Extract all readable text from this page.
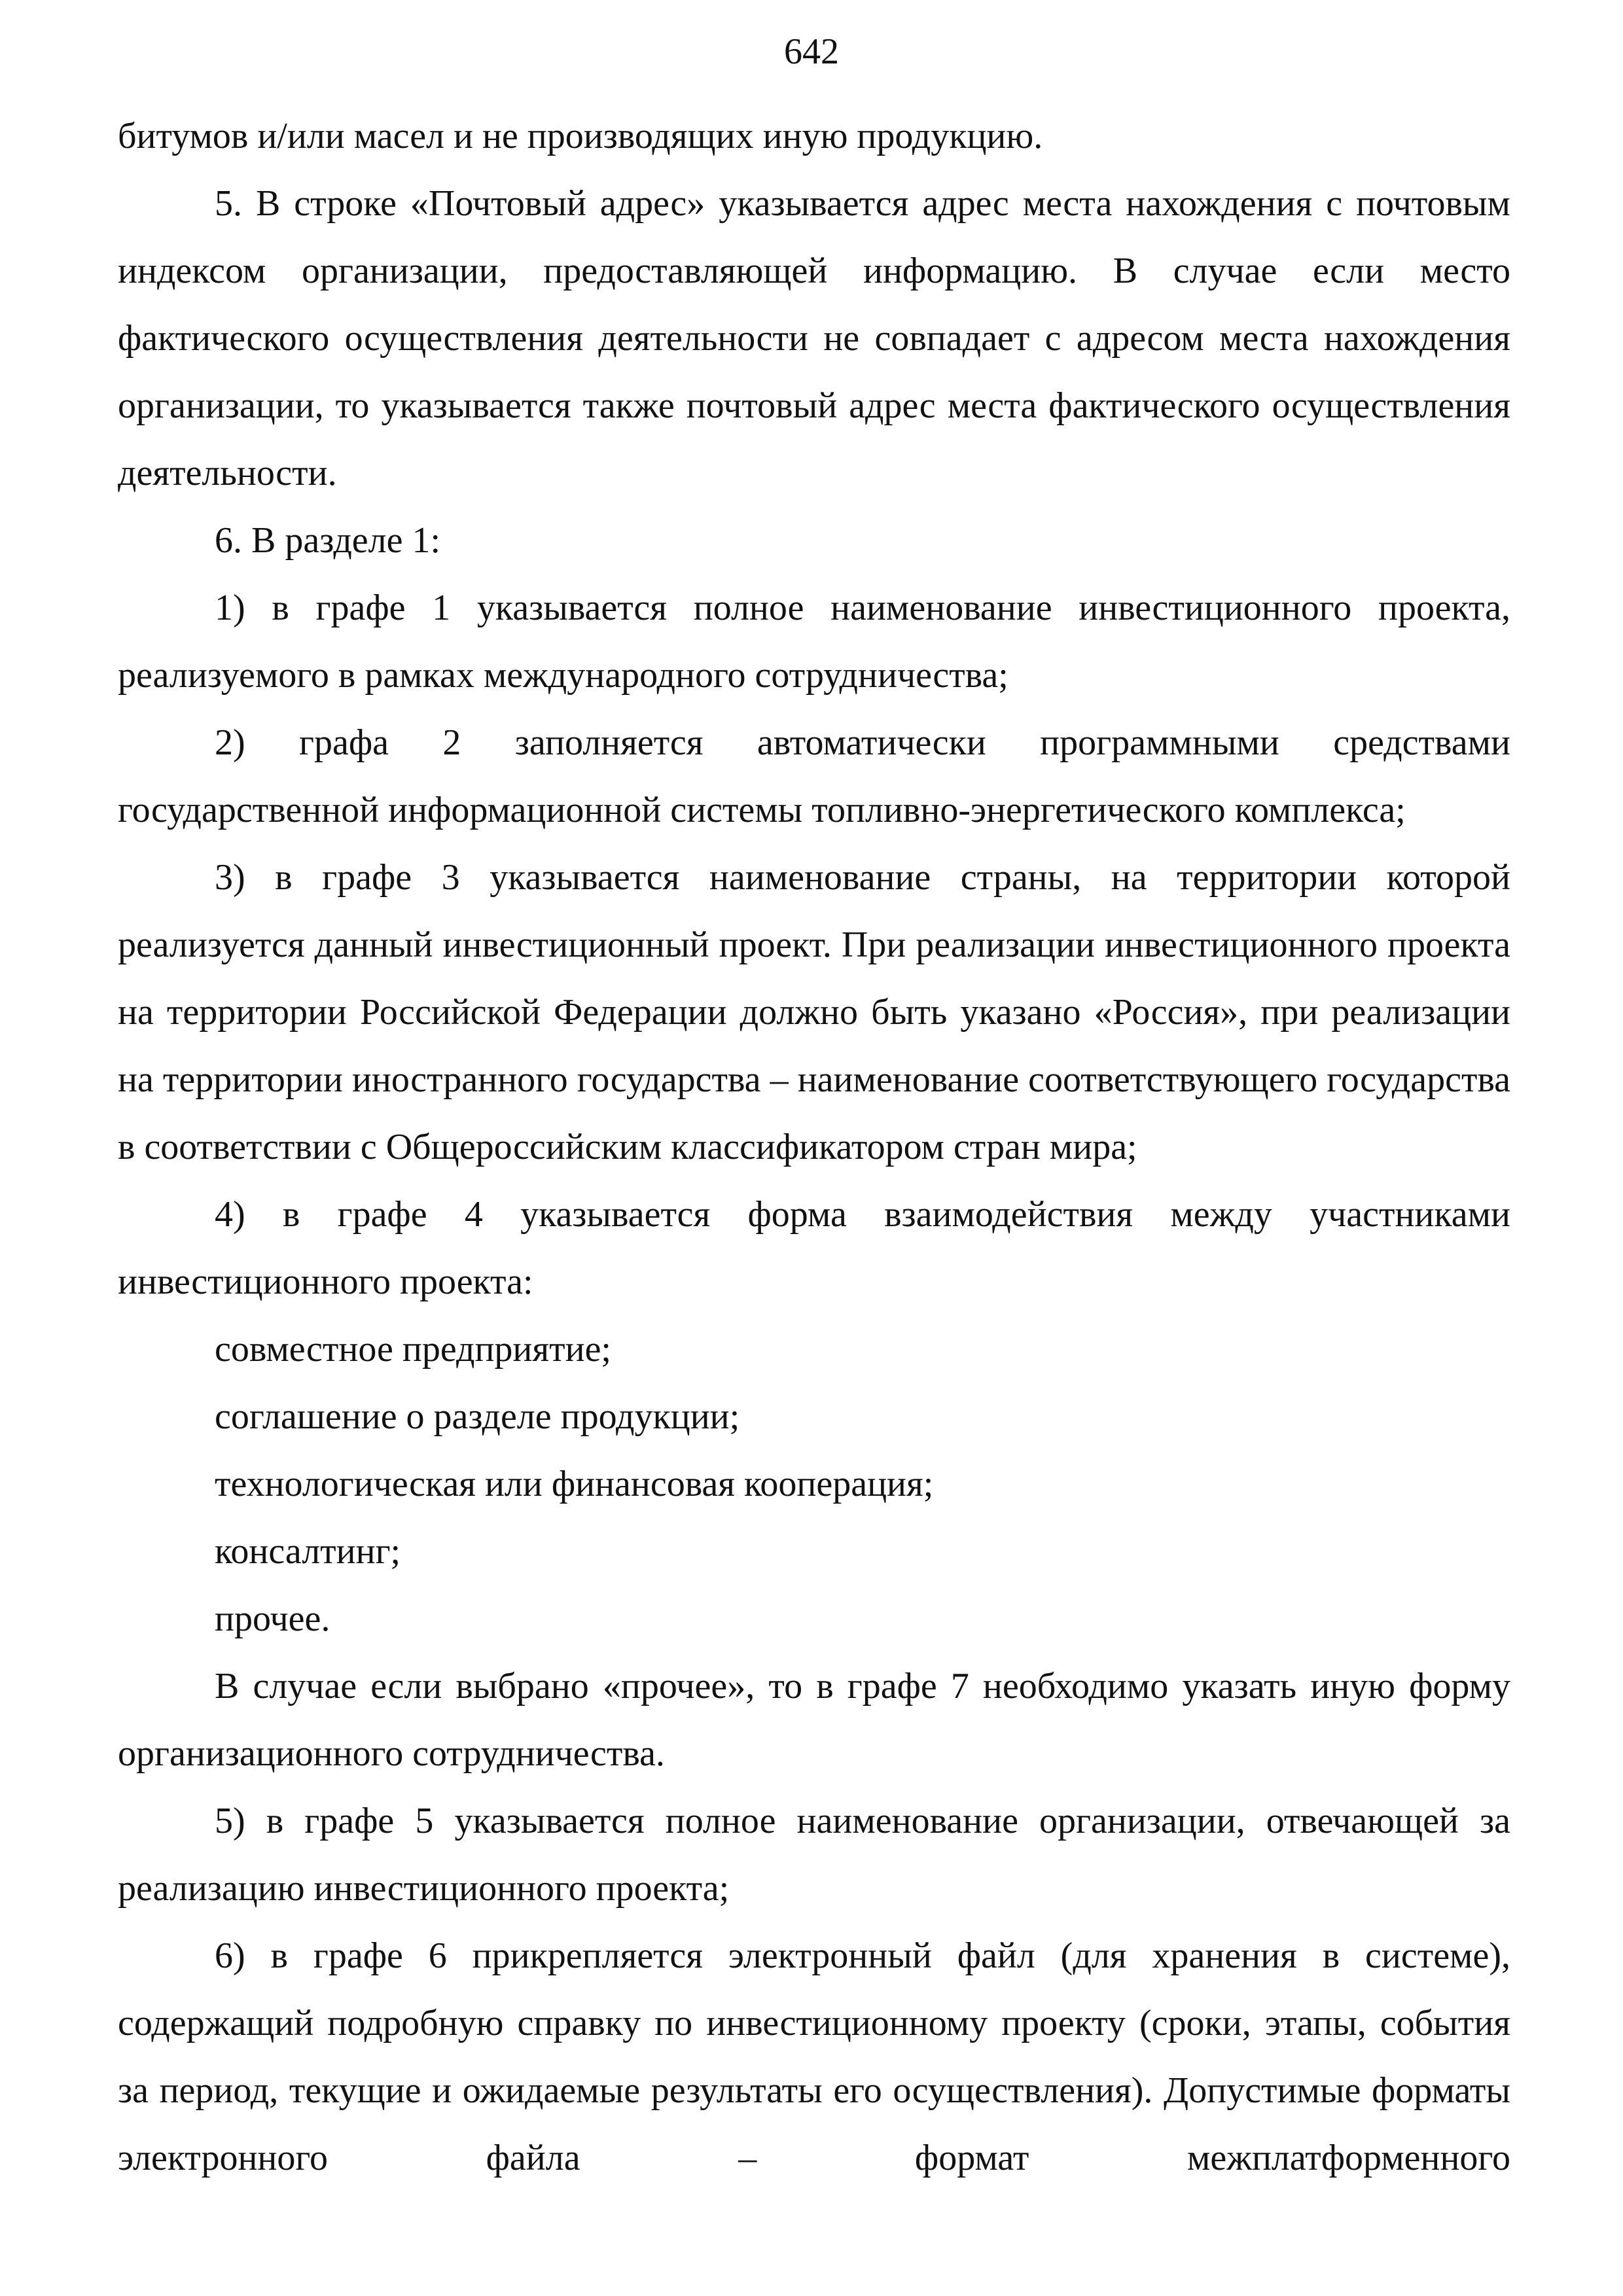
642

битумов и/или масел и не производящих иную продукцию.

5. В строке «Почтовый адрес» указывается адрес места нахождения с почтовым индексом организации, предоставляющей информацию. В случае если место фактического осуществления деятельности не совпадает с адресом места нахождения организации, то указывается также почтовый адрес места фактического осуществления деятельности.

6. В разделе 1:

1) в графе 1 указывается полное наименование инвестиционного проекта, реализуемого в рамках международного сотрудничества;

2) графа 2 заполняется автоматически программными средствами государственной информационной системы топливно-энергетического комплекса;

3) в графе 3 указывается наименование страны, на территории которой реализуется данный инвестиционный проект. При реализации инвестиционного проекта на территории Российской Федерации должно быть указано «Россия», при реализации на территории иностранного государства – наименование соответствующего государства в соответствии с Общероссийским классификатором стран мира;

4) в графе 4 указывается форма взаимодействия между участниками инвестиционного проекта:

совместное предприятие;

соглашение о разделе продукции;

технологическая или финансовая кооперация;

консалтинг;

прочее.

В случае если выбрано «прочее», то в графе 7 необходимо указать иную форму организационного сотрудничества.

5) в графе 5 указывается полное наименование организации, отвечающей за реализацию инвестиционного проекта;

6) в графе 6 прикрепляется электронный файл (для хранения в системе), содержащий подробную справку по инвестиционному проекту (сроки, этапы, события за период, текущие и ожидаемые результаты его осуществления). Допустимые форматы электронного файла – формат межплатформенного
